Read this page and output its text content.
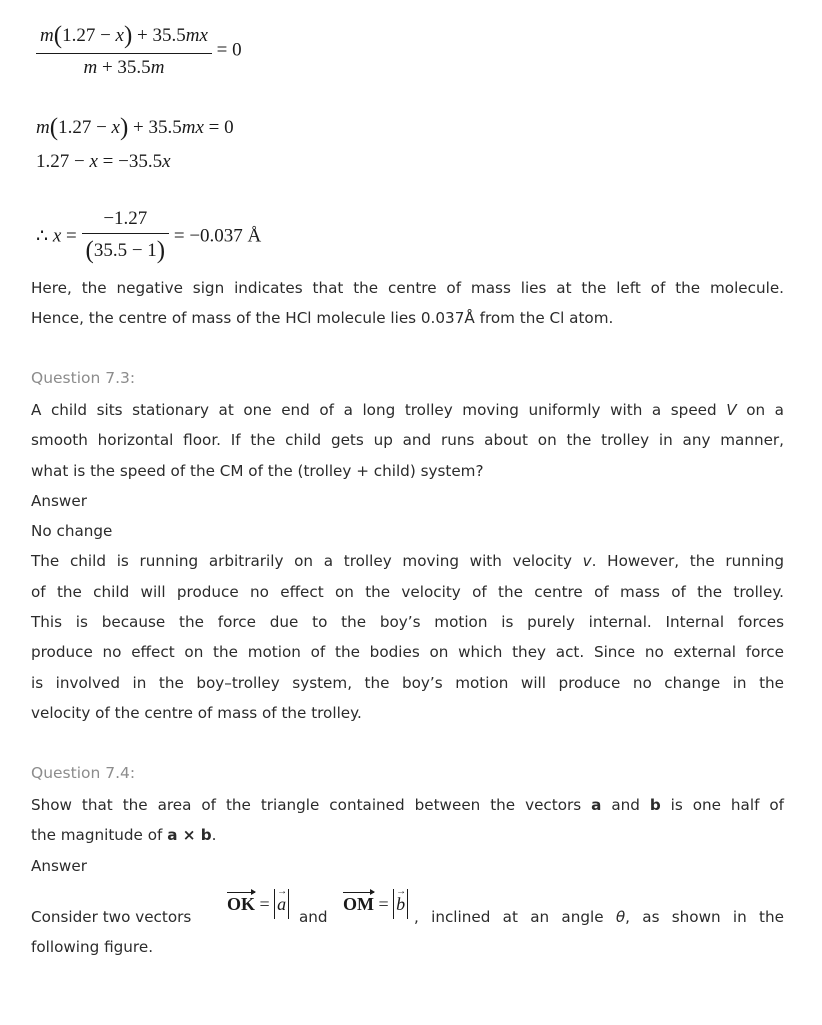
$\frac{m(1.27 - x) + 35.5mx}{m + 35.5m} = 0$
m(1.27 − x) + 35.5mx = 0
1.27 − x = −35.5x
∴ $x = \frac{-1.27}{(35.5 - 1)} = -0.037$ Å
Here, the negative sign indicates that the centre of mass lies at the left of the molecule.
Hence, the centre of mass of the HCl molecule lies 0.037Å from the Cl atom.
Question 7.3:
A child sits stationary at one end of a long trolley moving uniformly with a speed V on a
smooth horizontal floor. If the child gets up and runs about on the trolley in any manner,
what is the speed of the CM of the (trolley + child) system?
Answer
No change
The child is running arbitrarily on a trolley moving with velocity v. However, the running
of the child will produce no effect on the velocity of the centre of mass of the trolley.
This is because the force due to the boy’s motion is purely internal. Internal forces
produce no effect on the motion of the bodies on which they act. Since no external force
is involved in the boy–trolley system, the boy’s motion will produce no change in the
velocity of the centre of mass of the trolley.
Question 7.4:
Show that the area of the triangle contained between the vectors a and b is one half of
the magnitude of a × b.
Answer
Consider two vectors
OK = → a
and
OM = → b
, inclined at an angle θ, as shown in the
following figure.
